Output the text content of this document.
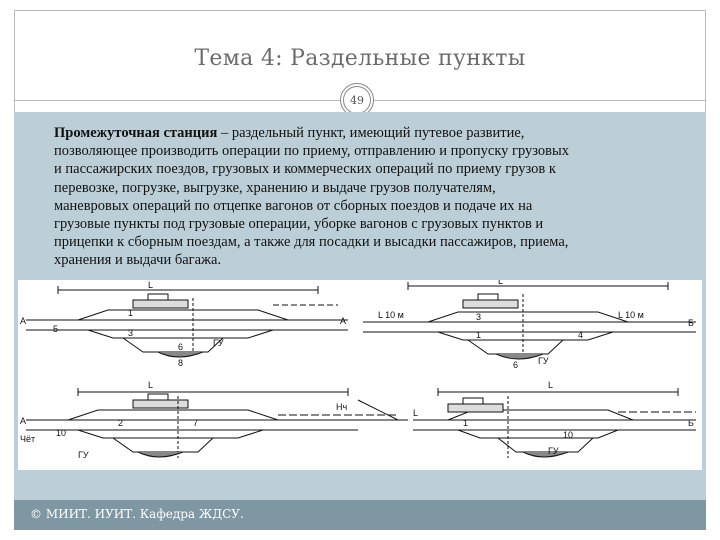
Тема 4: Раздельные пункты
49
Промежуточная станция – раздельный пункт, имеющий путевое развитие,
позволяющее производить операции по приему, отправлению и пропуску грузовых
и пассажирских поездов, грузовых и коммерческих операций по приему грузов к
перевозке, погрузке, выгрузке, хранению и выдаче грузов получателям,
маневровых операций по отцепке вагонов от сборных поездов и подаче их на
грузовые пункты под грузовые операции, уборке вагонов с грузовых пунктов и
прицепки к сборным поездам, а также для посадки и высадки пассажиров, приема,
хранения и выдачи багажа.
А
L
5
1
3
6
8
ГУ
А
L 10 м	L 10 м
Б
L
3
1	4
6 ГУ
А
Чёт
L
10
2	7
ГУ
Нч
L
L
1
10
ГУ
Б
© МИИТ. ИУИТ. Кафедра ЖДСУ.
